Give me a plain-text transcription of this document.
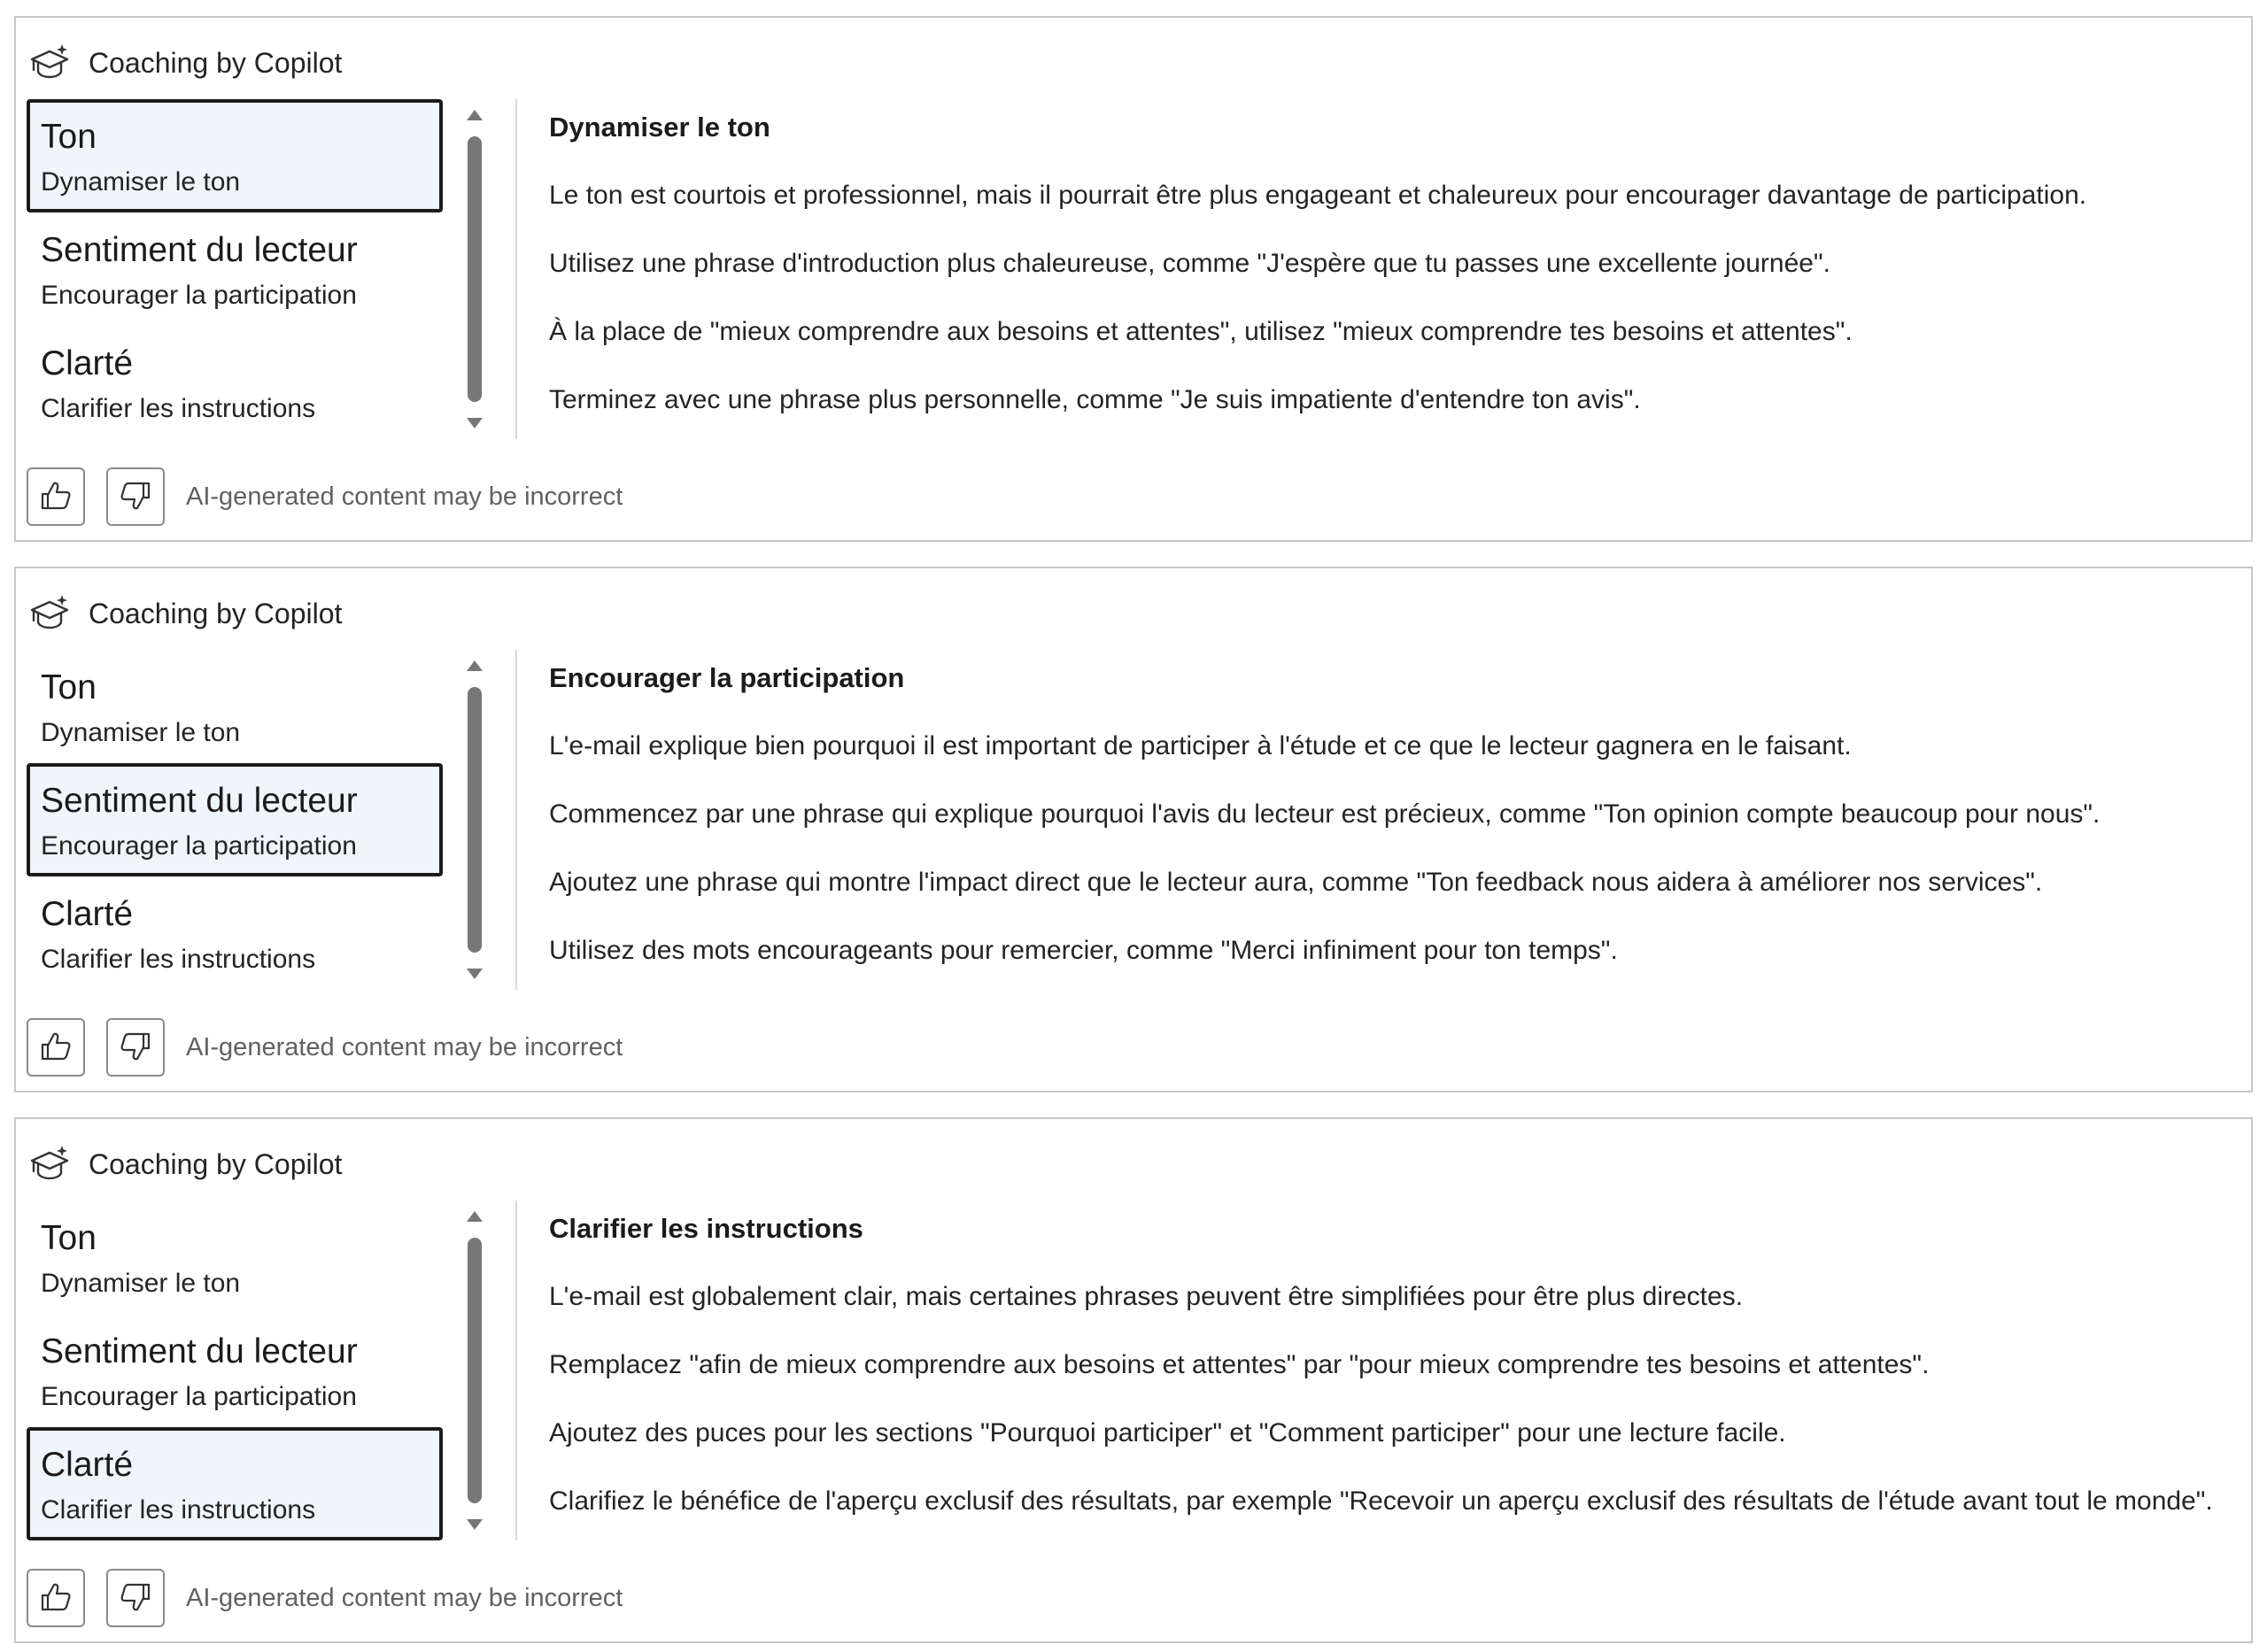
Coaching by Copilot
Ton
Dynamiser le ton
Sentiment du lecteur
Encourager la participation
Clarté
Clarifier les instructions
Dynamiser le ton
Le ton est courtois et professionnel, mais il pourrait être plus engageant et chaleureux pour encourager davantage de participation.
Utilisez une phrase d'introduction plus chaleureuse, comme "J'espère que tu passes une excellente journée".
À la place de "mieux comprendre aux besoins et attentes", utilisez "mieux comprendre tes besoins et attentes".
Terminez avec une phrase plus personnelle, comme "Je suis impatiente d'entendre ton avis".
AI-generated content may be incorrect
Coaching by Copilot
Ton
Dynamiser le ton
Sentiment du lecteur
Encourager la participation
Clarté
Clarifier les instructions
Encourager la participation
L'e-mail explique bien pourquoi il est important de participer à l'étude et ce que le lecteur gagnera en le faisant.
Commencez par une phrase qui explique pourquoi l'avis du lecteur est précieux, comme "Ton opinion compte beaucoup pour nous".
Ajoutez une phrase qui montre l'impact direct que le lecteur aura, comme "Ton feedback nous aidera à améliorer nos services".
Utilisez des mots encourageants pour remercier, comme "Merci infiniment pour ton temps".
AI-generated content may be incorrect
Coaching by Copilot
Ton
Dynamiser le ton
Sentiment du lecteur
Encourager la participation
Clarté
Clarifier les instructions
Clarifier les instructions
L'e-mail est globalement clair, mais certaines phrases peuvent être simplifiées pour être plus directes.
Remplacez "afin de mieux comprendre aux besoins et attentes" par "pour mieux comprendre tes besoins et attentes".
Ajoutez des puces pour les sections "Pourquoi participer" et "Comment participer" pour une lecture facile.
Clarifiez le bénéfice de l'aperçu exclusif des résultats, par exemple "Recevoir un aperçu exclusif des résultats de l'étude avant tout le monde".
AI-generated content may be incorrect
